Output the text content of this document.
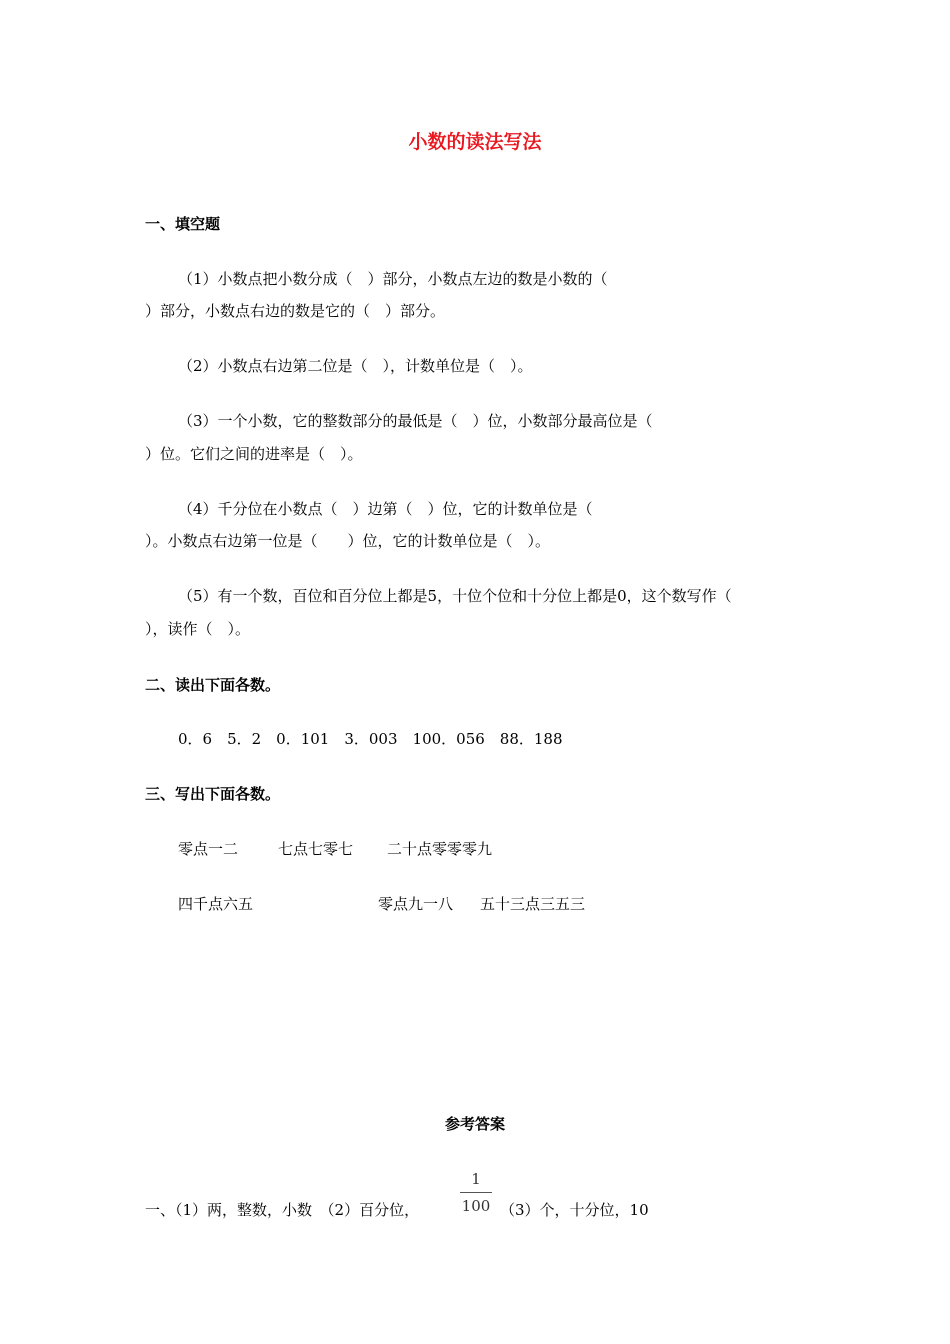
小数的读法写法
一、填空题
（1）小数点把小数分成（　）部分，小数点左边的数是小数的（
）部分，小数点右边的数是它的（　）部分。
（2）小数点右边第二位是（　），计数单位是（　）。
（3）一个小数，它的整数部分的最低是（　）位，小数部分最高位是（
）位。它们之间的进率是（　）。
（4）千分位在小数点（　）边第（　）位，它的计数单位是（
）。小数点右边第一位是（　　）位，它的计数单位是（　）。
（5）有一个数，百位和百分位上都是5，十位个位和十分位上都是0，这个数写作（
），读作（　）。
二、读出下面各数。
0．6　5．2　0．101　3．003　100．056　88．188
三、写出下面各数。
零点一二	七点七零七 二十点零零零九
四千点六五	零点九一八 五十三点三五三
参考答案
一、（1）两，整数，小数　（2）百分位，
1
100 （3）个，十分位，10
